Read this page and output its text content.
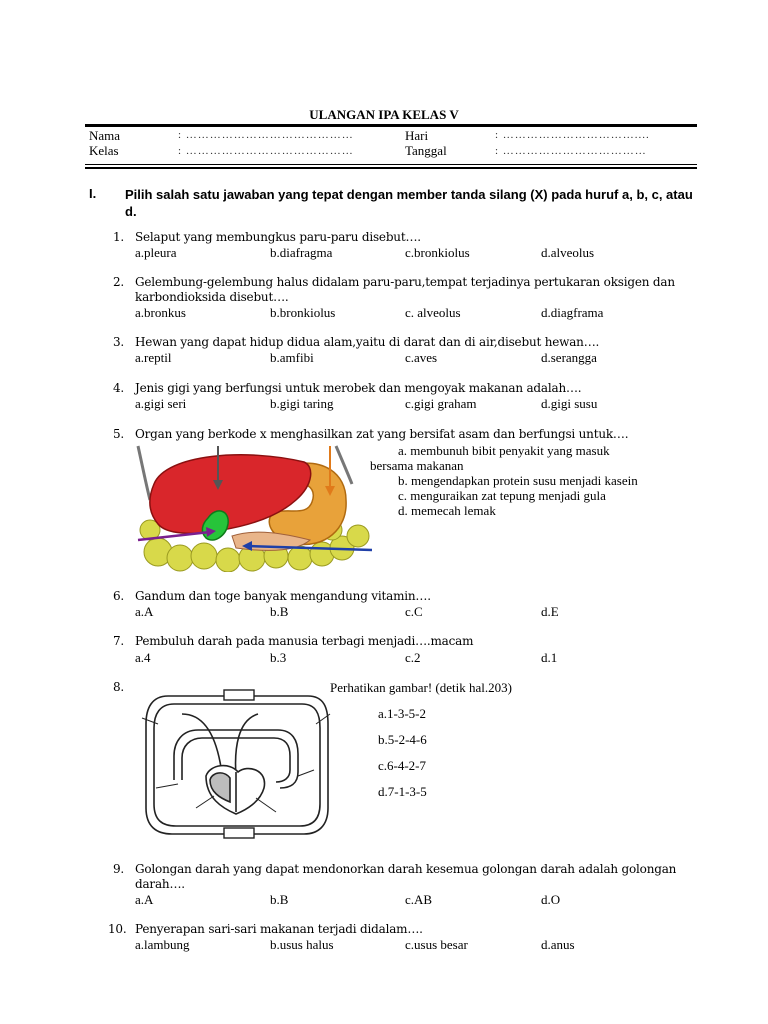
ULANGAN IPA KELAS V
Nama	: ……………………………………	Hari	: ……………………………....
Kelas	: ……………………………………	Tanggal	: ………………………………
I. Pilih salah satu jawaban yang tepat dengan member tanda silang (X) pada huruf a, b, c, atau d.
1. Selaput yang membungkus paru-paru disebut….
a.pleura	b.diafragma	c.bronkiolus	d.alveolus
2. Gelembung-gelembung halus didalam paru-paru,tempat terjadinya pertukaran oksigen dan
karbondioksida disebut….
a.bronkus	b.bronkiolus	c. alveolus	d.diagframa
3. Hewan yang dapat hidup didua alam,yaitu di darat dan di air,disebut hewan….
a.reptil	b.amfibi	c.aves	d.serangga
4. Jenis gigi yang berfungsi untuk merobek dan mengoyak makanan adalah….
a.gigi seri	b.gigi taring	c.gigi graham	d.gigi susu
5. Organ yang berkode x menghasilkan zat yang bersifat asam dan berfungsi untuk….
a. membunuh bibit penyakit yang masuk
bersama makanan
b. mengendapkan protein susu menjadi kasein
c. menguraikan zat tepung menjadi gula
d. memecah lemak
6. Gandum dan toge banyak mengandung vitamin….
a.A	b.B	c.C	d.E
7. Pembuluh darah pada manusia terbagi menjadi….macam
a.4	b.3	c.2	d.1
8.	Perhatikan gambar! (detik hal.203)
a.1-3-5-2
b.5-2-4-6
c.6-4-2-7
d.7-1-3-5
9. Golongan darah yang dapat mendonorkan darah kesemua golongan darah adalah golongan
darah….
a.A	b.B	c.AB	d.O
10. Penyerapan sari-sari makanan terjadi didalam….
a.lambung	b.usus halus	c.usus besar	d.anus
